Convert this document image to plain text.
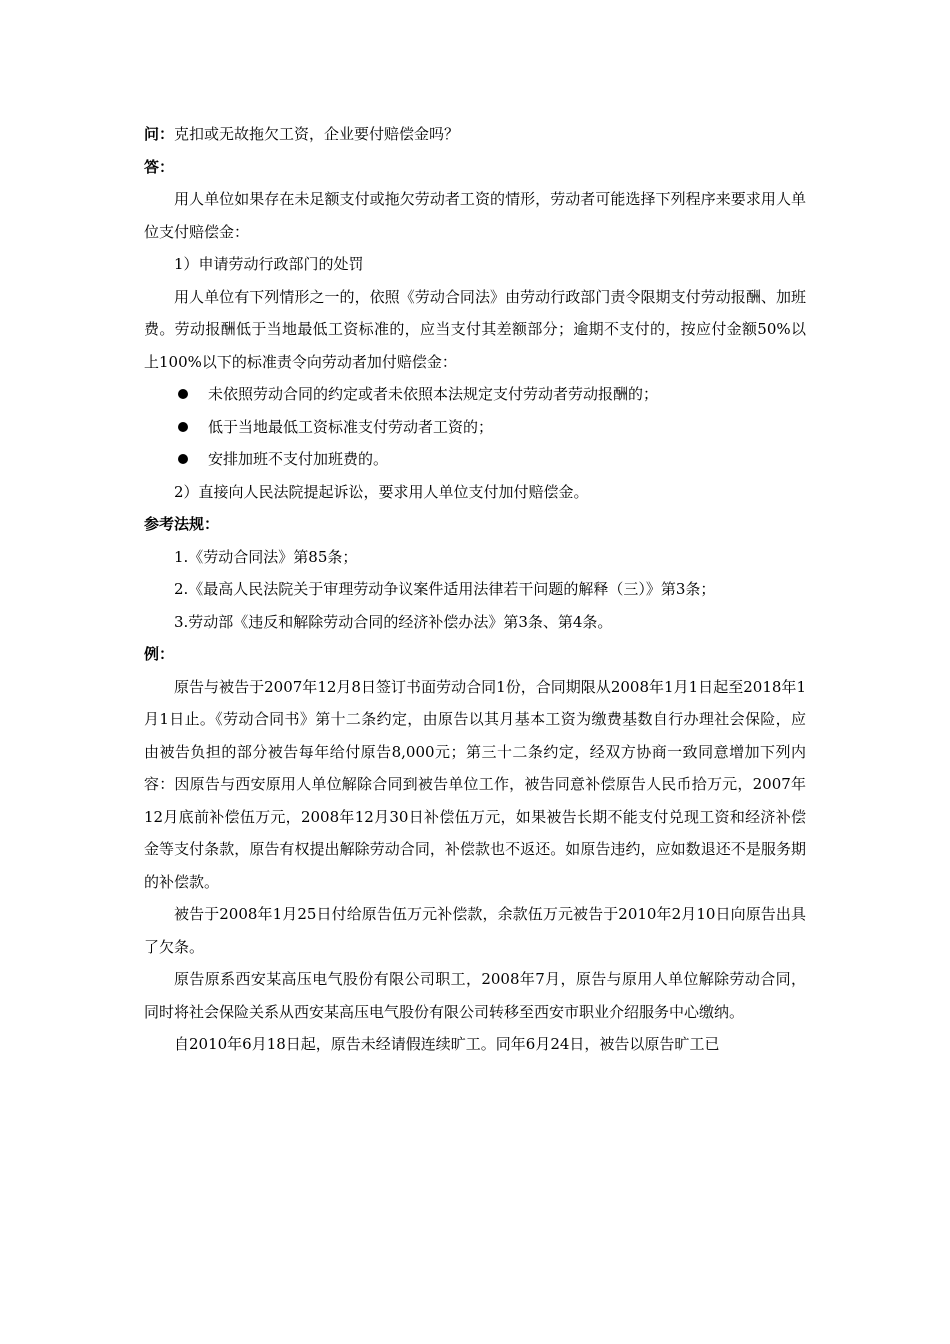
问：克扣或无故拖欠工资，企业要付赔偿金吗？

答：

用人单位如果存在未足额支付或拖欠劳动者工资的情形，劳动者可能选择下列程序来要求用人单位支付赔偿金：

1）申请劳动行政部门的处罚

用人单位有下列情形之一的，依照《劳动合同法》由劳动行政部门责令限期支付劳动报酬、加班费。劳动报酬低于当地最低工资标准的，应当支付其差额部分；逾期不支付的，按应付金额50%以上100%以下的标准责令向劳动者加付赔偿金：

未依照劳动合同的约定或者未依照本法规定支付劳动者劳动报酬的；

低于当地最低工资标准支付劳动者工资的；

安排加班不支付加班费的。

2）直接向人民法院提起诉讼，要求用人单位支付加付赔偿金。

参考法规：

1.《劳动合同法》第85条；

2.《最高人民法院关于审理劳动争议案件适用法律若干问题的解释（三）》第3条；

3.劳动部《违反和解除劳动合同的经济补偿办法》第3条、第4条。

例：

原告与被告于2007年12月8日签订书面劳动合同1份，合同期限从2008年1月1日起至2018年1月1日止。《劳动合同书》第十二条约定，由原告以其月基本工资为缴费基数自行办理社会保险，应由被告负担的部分被告每年给付原告8,000元；第三十二条约定，经双方协商一致同意增加下列内容：因原告与西安原用人单位解除合同到被告单位工作，被告同意补偿原告人民币拾万元，2007年12月底前补偿伍万元，2008年12月30日补偿伍万元，如果被告长期不能支付兑现工资和经济补偿金等支付条款，原告有权提出解除劳动合同，补偿款也不返还。如原告违约，应如数退还不是服务期的补偿款。

被告于2008年1月25日付给原告伍万元补偿款，余款伍万元被告于2010年2月10日向原告出具了欠条。

原告原系西安某高压电气股份有限公司职工，2008年7月，原告与原用人单位解除劳动合同，同时将社会保险关系从西安某高压电气股份有限公司转移至西安市职业介绍服务中心缴纳。

自2010年6月18日起，原告未经请假连续旷工。同年6月24日，被告以原告旷工已
